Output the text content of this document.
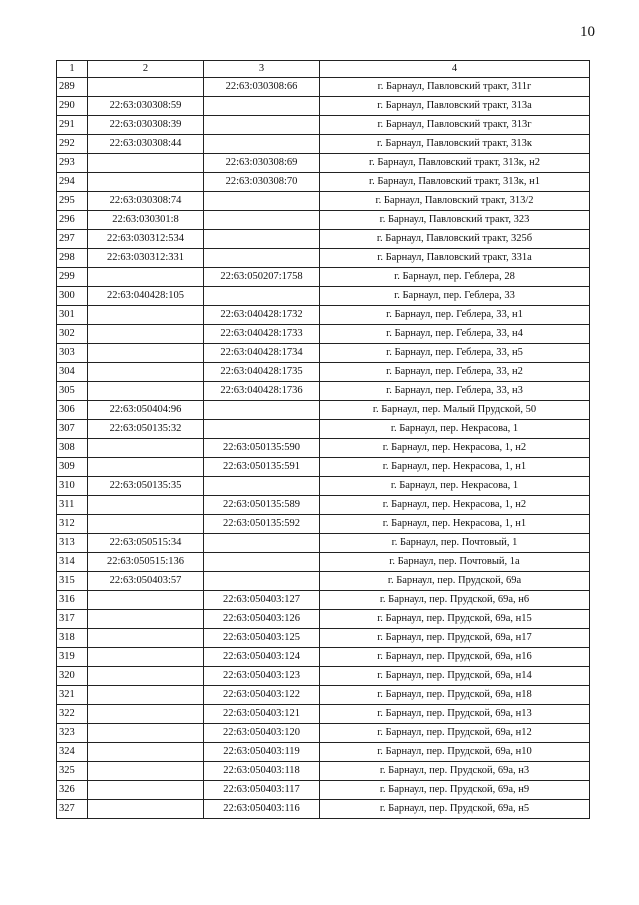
10
1	2	3	4
289		22:63:030308:66	г. Барнаул, Павловский тракт, 311г
290	22:63:030308:59		г. Барнаул, Павловский тракт, 313а
291	22:63:030308:39		г. Барнаул, Павловский тракт, 313г
292	22:63:030308:44		г. Барнаул, Павловский тракт, 313к
293		22:63:030308:69	г. Барнаул, Павловский тракт, 313к, н2
294		22:63:030308:70	г. Барнаул, Павловский тракт, 313к, н1
295	22:63:030308:74		г. Барнаул, Павловский тракт, 313/2
296	22:63:030301:8		г. Барнаул, Павловский тракт, 323
297	22:63:030312:534		г. Барнаул, Павловский тракт, 325б
298	22:63:030312:331		г. Барнаул, Павловский тракт, 331а
299		22:63:050207:1758	г. Барнаул, пер. Геблера, 28
300	22:63:040428:105		г. Барнаул, пер. Геблера, 33
301		22:63:040428:1732	г. Барнаул, пер. Геблера, 33, н1
302		22:63:040428:1733	г. Барнаул, пер. Геблера, 33, н4
303		22:63:040428:1734	г. Барнаул, пер. Геблера, 33, н5
304		22:63:040428:1735	г. Барнаул, пер. Геблера, 33, н2
305		22:63:040428:1736	г. Барнаул, пер. Геблера, 33, н3
306	22:63:050404:96		г. Барнаул, пер. Малый Прудской, 50
307	22:63:050135:32		г. Барнаул, пер. Некрасова, 1
308		22:63:050135:590	г. Барнаул, пер. Некрасова, 1, н2
309		22:63:050135:591	г. Барнаул, пер. Некрасова, 1, н1
310	22:63:050135:35		г. Барнаул, пер. Некрасова, 1
311		22:63:050135:589	г. Барнаул, пер. Некрасова, 1, н2
312		22:63:050135:592	г. Барнаул, пер. Некрасова, 1, н1
313	22:63:050515:34		г. Барнаул, пер. Почтовый, 1
314	22:63:050515:136		г. Барнаул, пер. Почтовый, 1а
315	22:63:050403:57		г. Барнаул, пер. Прудской, 69а
316		22:63:050403:127	г. Барнаул, пер. Прудской, 69а, н6
317		22:63:050403:126	г. Барнаул, пер. Прудской, 69а, н15
318		22:63:050403:125	г. Барнаул, пер. Прудской, 69а, н17
319		22:63:050403:124	г. Барнаул, пер. Прудской, 69а, н16
320		22:63:050403:123	г. Барнаул, пер. Прудской, 69а, н14
321		22:63:050403:122	г. Барнаул, пер. Прудской, 69а, н18
322		22:63:050403:121	г. Барнаул, пер. Прудской, 69а, н13
323		22:63:050403:120	г. Барнаул, пер. Прудской, 69а, н12
324		22:63:050403:119	г. Барнаул, пер. Прудской, 69а, н10
325		22:63:050403:118	г. Барнаул, пер. Прудской, 69а, н3
326		22:63:050403:117	г. Барнаул, пер. Прудской, 69а, н9
327		22:63:050403:116	г. Барнаул, пер. Прудской, 69а, н5
